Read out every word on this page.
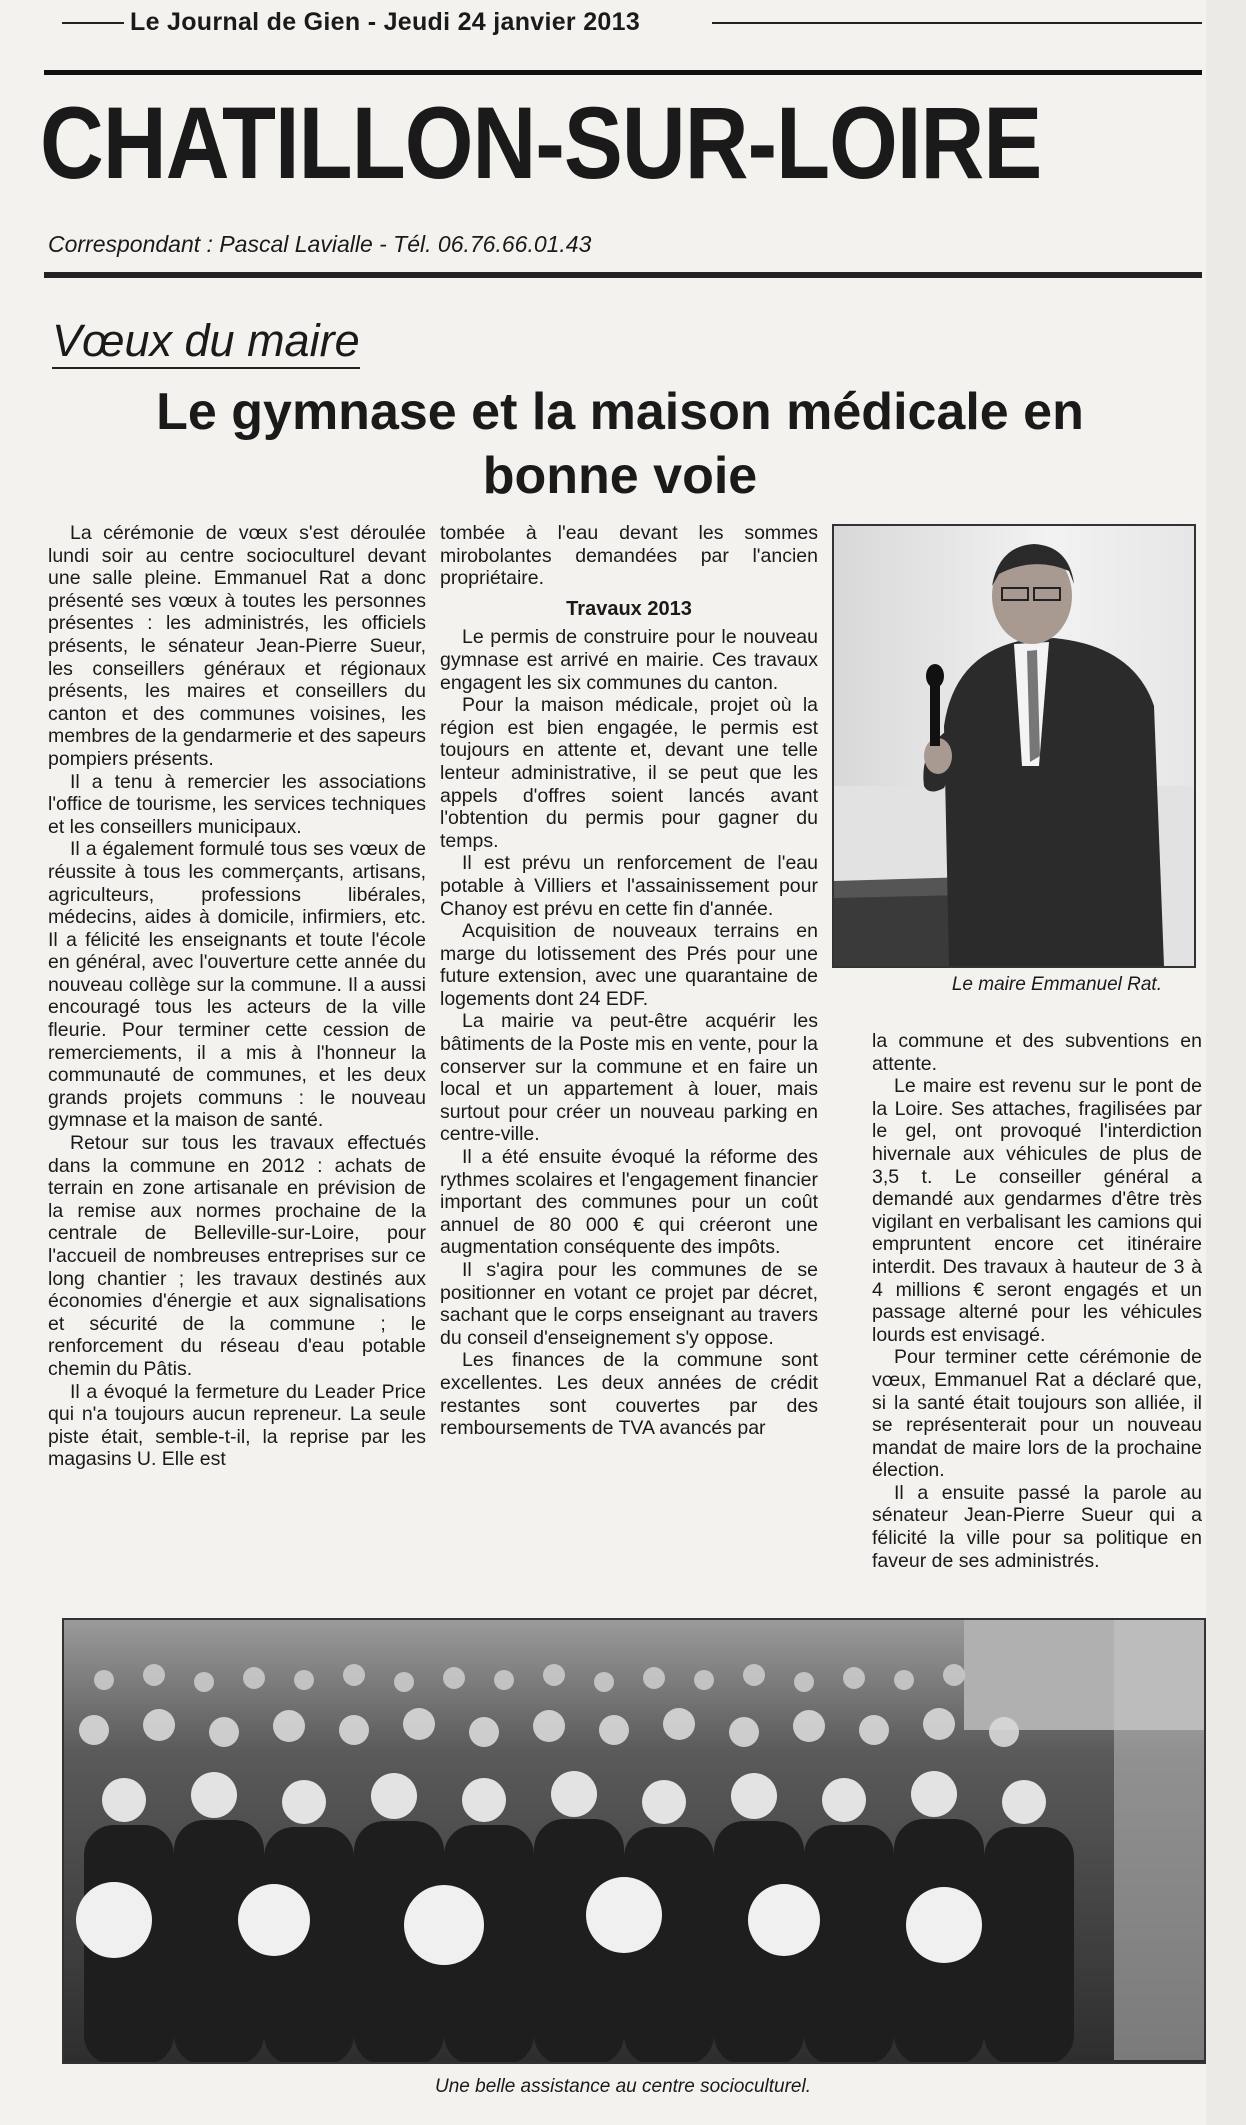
Le Journal de Gien - Jeudi 24 janvier 2013
CHATILLON-SUR-LOIRE
Correspondant : Pascal Lavialle - Tél. 06.76.66.01.43
Vœux du maire
Le gymnase et la maison médicale en bonne voie

La cérémonie de vœux s'est déroulée lundi soir au centre socioculturel devant une salle pleine. Emmanuel Rat a donc présenté ses vœux à toutes les personnes présentes : les administrés, les officiels présents, le sénateur Jean-Pierre Sueur, les conseillers généraux et régionaux présents, les maires et conseillers du canton et des communes voisines, les membres de la gendarmerie et des sapeurs pompiers présents.

Il a tenu à remercier les associations l'office de tourisme, les services techniques et les conseillers municipaux.

Il a également formulé tous ses vœux de réussite à tous les commerçants, artisans, agriculteurs, professions libérales, médecins, aides à domicile, infirmiers, etc. Il a félicité les enseignants et toute l'école en général, avec l'ouverture cette année du nouveau collège sur la commune. Il a aussi encouragé tous les acteurs de la ville fleurie. Pour terminer cette cession de remerciements, il a mis à l'honneur la communauté de communes, et les deux grands projets communs : le nouveau gymnase et la maison de santé.

Retour sur tous les travaux effectués dans la commune en 2012 : achats de terrain en zone artisanale en prévision de la remise aux normes prochaine de la centrale de Belleville-sur-Loire, pour l'accueil de nombreuses entreprises sur ce long chantier ; les travaux destinés aux économies d'énergie et aux signalisations et sécurité de la commune ; le renforcement du réseau d'eau potable chemin du Pâtis.

Il a évoqué la fermeture du Leader Price qui n'a toujours aucun repreneur. La seule piste était, semble-t-il, la reprise par les magasins U. Elle est

tombée à l'eau devant les sommes mirobolantes demandées par l'ancien propriétaire.

Travaux 2013

Le permis de construire pour le nouveau gymnase est arrivé en mairie. Ces travaux engagent les six communes du canton.

Pour la maison médicale, projet où la région est bien engagée, le permis est toujours en attente et, devant une telle lenteur administrative, il se peut que les appels d'offres soient lancés avant l'obtention du permis pour gagner du temps.

Il est prévu un renforcement de l'eau potable à Villiers et l'assainissement pour Chanoy est prévu en cette fin d'année.

Acquisition de nouveaux terrains en marge du lotissement des Prés pour une future extension, avec une quarantaine de logements dont 24 EDF.

La mairie va peut-être acquérir les bâtiments de la Poste mis en vente, pour la conserver sur la commune et en faire un local et un appartement à louer, mais surtout pour créer un nouveau parking en centre-ville.

Il a été ensuite évoqué la réforme des rythmes scolaires et l'engagement financier important des communes pour un coût annuel de 80 000 € qui créeront une augmentation conséquente des impôts.

Il s'agira pour les communes de se positionner en votant ce projet par décret, sachant que le corps enseignant au travers du conseil d'enseignement s'y oppose.

Les finances de la commune sont excellentes. Les deux années de crédit restantes sont couvertes par des remboursements de TVA avancés par

Le maire Emmanuel Rat.

la commune et des subventions en attente.

Le maire est revenu sur le pont de la Loire. Ses attaches, fragilisées par le gel, ont provoqué l'interdiction hivernale aux véhicules de plus de 3,5 t. Le conseiller général a demandé aux gendarmes d'être très vigilant en verbalisant les camions qui empruntent encore cet itinéraire interdit. Des travaux à hauteur de 3 à 4 millions € seront engagés et un passage alterné pour les véhicules lourds est envisagé.

Pour terminer cette cérémonie de vœux, Emmanuel Rat a déclaré que, si la santé était toujours son alliée, il se représenterait pour un nouveau mandat de maire lors de la prochaine élection.

Il a ensuite passé la parole au sénateur Jean-Pierre Sueur qui a félicité la ville pour sa politique en faveur de ses administrés.

Une belle assistance au centre socioculturel.
